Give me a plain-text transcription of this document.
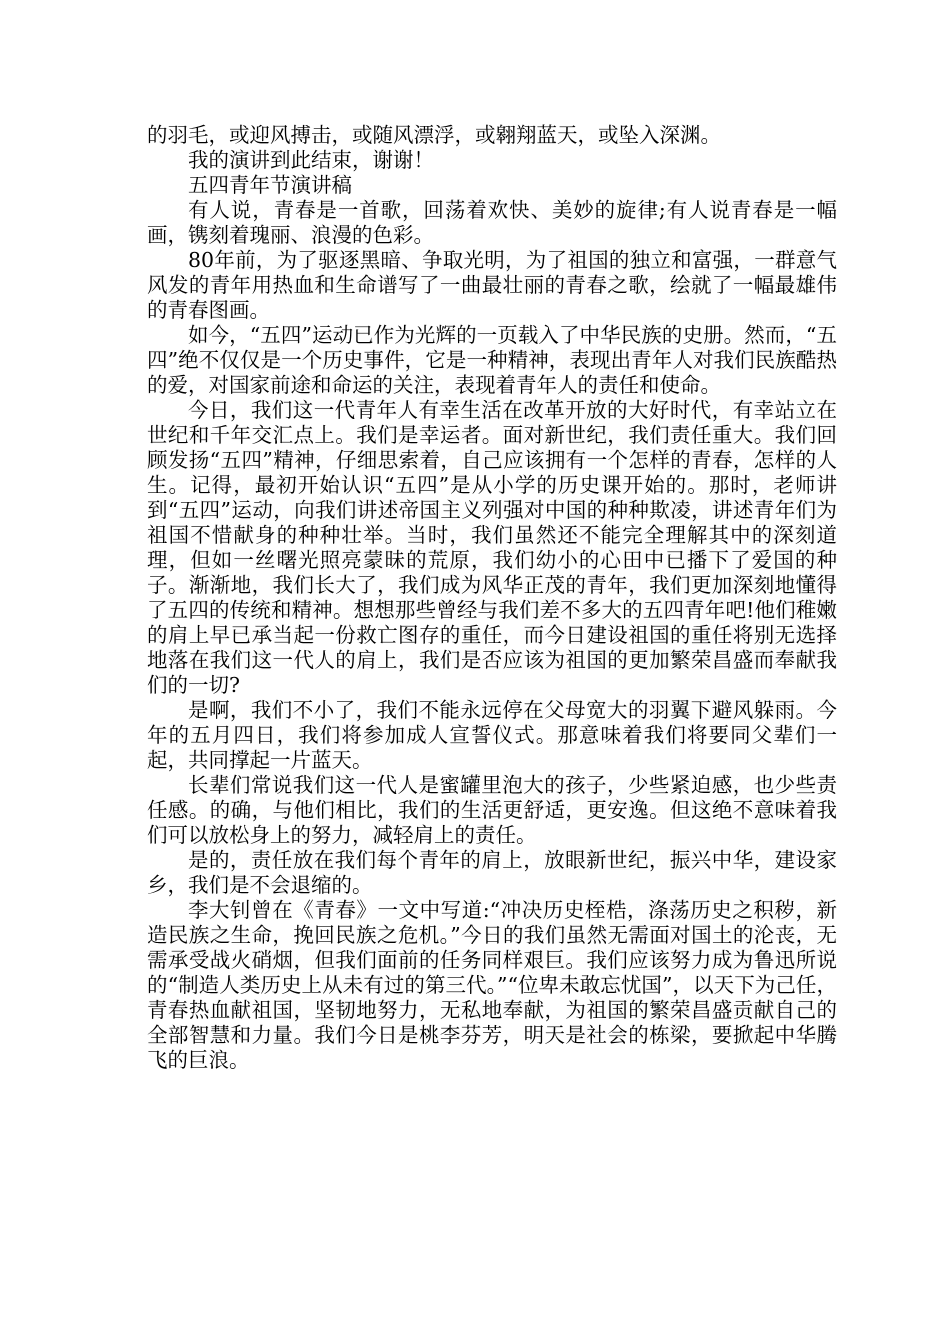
的羽毛，或迎风搏击，或随风漂浮，或翱翔蓝天，或坠入深渊。

我的演讲到此结束，谢谢！

五四青年节演讲稿

有人说，青春是一首歌，回荡着欢快、美妙的旋律;有人说青春是一幅画，镌刻着瑰丽、浪漫的色彩。

80年前，为了驱逐黑暗、争取光明，为了祖国的独立和富强，一群意气风发的青年用热血和生命谱写了一曲最壮丽的青春之歌，绘就了一幅最雄伟的青春图画。

如今，“五四”运动已作为光辉的一页载入了中华民族的史册。然而，“五四”绝不仅仅是一个历史事件，它是一种精神，表现出青年人对我们民族酷热的爱，对国家前途和命运的关注，表现着青年人的责任和使命。

今日，我们这一代青年人有幸生活在改革开放的大好时代，有幸站立在世纪和千年交汇点上。我们是幸运者。面对新世纪，我们责任重大。我们回顾发扬“五四”精神，仔细思索着，自己应该拥有一个怎样的青春，怎样的人生。记得，最初开始认识“五四”是从小学的历史课开始的。那时，老师讲到“五四”运动，向我们讲述帝国主义列强对中国的种种欺凌，讲述青年们为祖国不惜献身的种种壮举。当时，我们虽然还不能完全理解其中的深刻道理，但如一丝曙光照亮蒙昧的荒原，我们幼小的心田中已播下了爱国的种子。渐渐地，我们长大了，我们成为风华正茂的青年，我们更加深刻地懂得了五四的传统和精神。想想那些曾经与我们差不多大的五四青年吧!他们稚嫩的肩上早已承当起一份救亡图存的重任，而今日建设祖国的重任将别无选择地落在我们这一代人的肩上，我们是否应该为祖国的更加繁荣昌盛而奉献我们的一切?

是啊，我们不小了，我们不能永远停在父母宽大的羽翼下避风躲雨。今年的五月四日，我们将参加成人宣誓仪式。那意味着我们将要同父辈们一起，共同撑起一片蓝天。

长辈们常说我们这一代人是蜜罐里泡大的孩子，少些紧迫感，也少些责任感。的确，与他们相比，我们的生活更舒适，更安逸。但这绝不意味着我们可以放松身上的努力，减轻肩上的责任。

是的，责任放在我们每个青年的肩上，放眼新世纪，振兴中华，建设家乡，我们是不会退缩的。

李大钊曾在《青春》一文中写道:“冲决历史桎梏，涤荡历史之积秽，新造民族之生命，挽回民族之危机。”今日的我们虽然无需面对国土的沦丧，无需承受战火硝烟，但我们面前的任务同样艰巨。我们应该努力成为鲁迅所说的“制造人类历史上从未有过的第三代。”“位卑未敢忘忧国”，以天下为己任，青春热血献祖国，坚韧地努力，无私地奉献，为祖国的繁荣昌盛贡献自己的全部智慧和力量。我们今日是桃李芬芳，明天是社会的栋梁，要掀起中华腾飞的巨浪。
